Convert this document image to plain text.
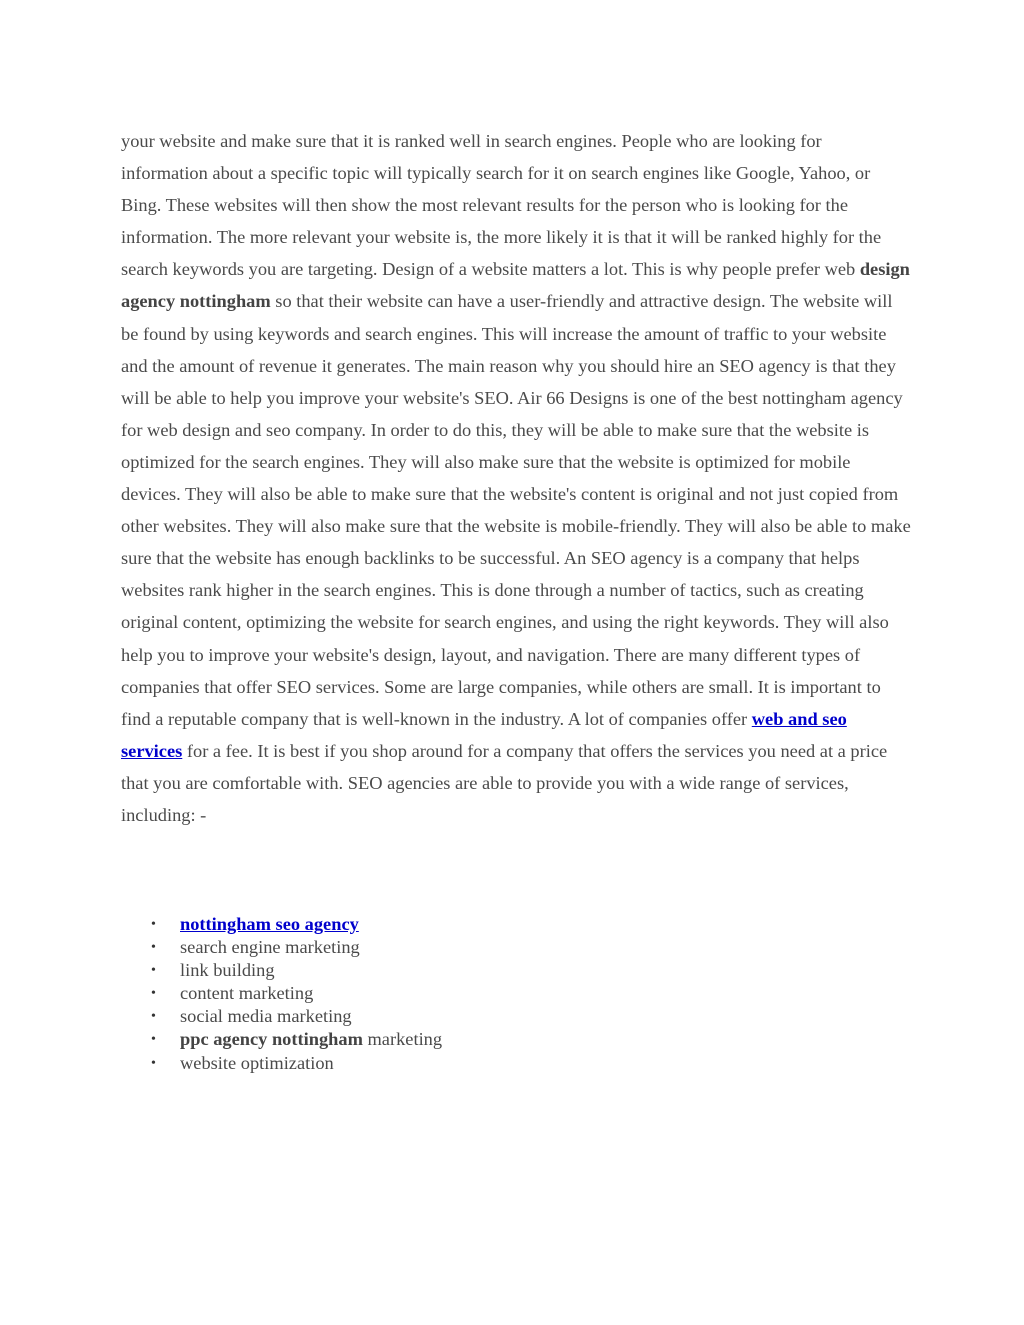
your website and make sure that it is ranked well in search engines. People who are looking for information about a specific topic will typically search for it on search engines like Google, Yahoo, or Bing. These websites will then show the most relevant results for the person who is looking for the information. The more relevant your website is, the more likely it is that it will be ranked highly for the search keywords you are targeting. Design of a website matters a lot. This is why people prefer web design agency nottingham so that their website can have a user-friendly and attractive design. The website will be found by using keywords and search engines. This will increase the amount of traffic to your website and the amount of revenue it generates. The main reason why you should hire an SEO agency is that they will be able to help you improve your website's SEO. Air 66 Designs is one of the best nottingham agency for web design and seo company. In order to do this, they will be able to make sure that the website is optimized for the search engines. They will also make sure that the website is optimized for mobile devices. They will also be able to make sure that the website's content is original and not just copied from other websites. They will also make sure that the website is mobile-friendly. They will also be able to make sure that the website has enough backlinks to be successful. An SEO agency is a company that helps websites rank higher in the search engines. This is done through a number of tactics, such as creating original content, optimizing the website for search engines, and using the right keywords. They will also help you to improve your website's design, layout, and navigation. There are many different types of companies that offer SEO services. Some are large companies, while others are small. It is important to find a reputable company that is well-known in the industry. A lot of companies offer web and seo services for a fee. It is best if you shop around for a company that offers the services you need at a price that you are comfortable with. SEO agencies are able to provide you with a wide range of services, including: -

• nottingham seo agency
• search engine marketing
• link building
• content marketing
• social media marketing
• ppc agency nottingham marketing
• website optimization
